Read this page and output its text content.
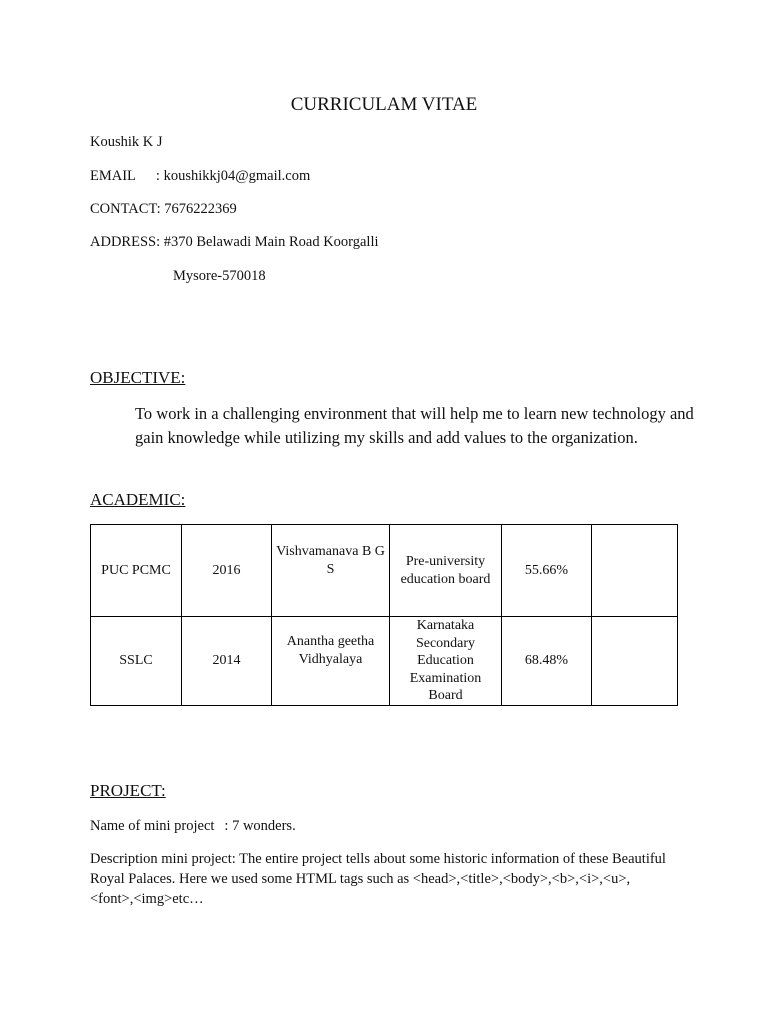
CURRICULAM VITAE
Koushik K J
EMAIL : koushikkj04@gmail.com
CONTACT: 7676222369
ADDRESS: #370 Belawadi Main Road Koorgalli
Mysore-570018
OBJECTIVE:
To work in a challenging environment that will help me to learn new technology and gain knowledge while utilizing my skills and add values to the organization.
ACADEMIC:
PUC PCMC	2016	Vishvamanava B G S	Pre-university education board	55.66%	
SSLC	2014	Anantha geetha Vidhyalaya	Karnataka Secondary Education Examination Board	68.48%	
PROJECT:
Name of mini project : 7 wonders.
Description mini project: The entire project tells about some historic information of these Beautiful Royal Palaces. Here we used some HTML tags such as <head>,<title>,<body>,<b>,<i>,<u>,<font>,<img>etc…
